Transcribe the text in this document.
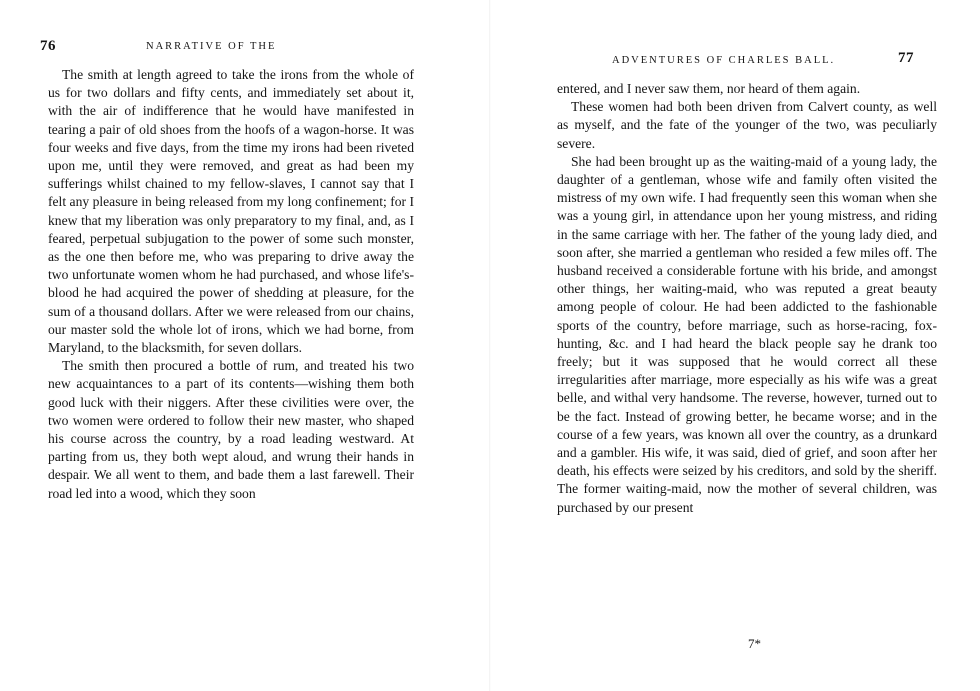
76	NARRATIVE OF THE

The smith at length agreed to take the irons from the whole of us for two dollars and fifty cents, and immediately set about it, with the air of indifference that he would have manifested in tearing a pair of old shoes from the hoofs of a wagon-horse. It was four weeks and five days, from the time my irons had been riveted upon me, until they were removed, and great as had been my sufferings whilst chained to my fellow-slaves, I cannot say that I felt any pleasure in being released from my long confinement; for I knew that my liberation was only preparatory to my final, and, as I feared, perpetual subjugation to the power of some such monster, as the one then before me, who was preparing to drive away the two unfortunate women whom he had purchased, and whose life's-blood he had acquired the power of shedding at pleasure, for the sum of a thousand dollars. After we were released from our chains, our master sold the whole lot of irons, which we had borne, from Maryland, to the blacksmith, for seven dollars.

The smith then procured a bottle of rum, and treated his two new acquaintances to a part of its contents—wishing them both good luck with their niggers. After these civilities were over, the two women were ordered to follow their new master, who shaped his course across the country, by a road leading westward. At parting from us, they both wept aloud, and wrung their hands in despair. We all went to them, and bade them a last farewell. Their road led into a wood, which they soon

ADVENTURES OF CHARLES BALL.	77

entered, and I never saw them, nor heard of them again.

These women had both been driven from Calvert county, as well as myself, and the fate of the younger of the two, was peculiarly severe.

She had been brought up as the waiting-maid of a young lady, the daughter of a gentleman, whose wife and family often visited the mistress of my own wife. I had frequently seen this woman when she was a young girl, in attendance upon her young mistress, and riding in the same carriage with her. The father of the young lady died, and soon after, she married a gentleman who resided a few miles off. The husband received a considerable fortune with his bride, and amongst other things, her waiting-maid, who was reputed a great beauty among people of colour. He had been addicted to the fashionable sports of the country, before marriage, such as horse-racing, fox-hunting, &c. and I had heard the black people say he drank too freely; but it was supposed that he would correct all these irregularities after marriage, more especially as his wife was a great belle, and withal very handsome. The reverse, however, turned out to be the fact. Instead of growing better, he became worse; and in the course of a few years, was known all over the country, as a drunkard and a gambler. His wife, it was said, died of grief, and soon after her death, his effects were seized by his creditors, and sold by the sheriff. The former waiting-maid, now the mother of several children, was purchased by our present

7*
